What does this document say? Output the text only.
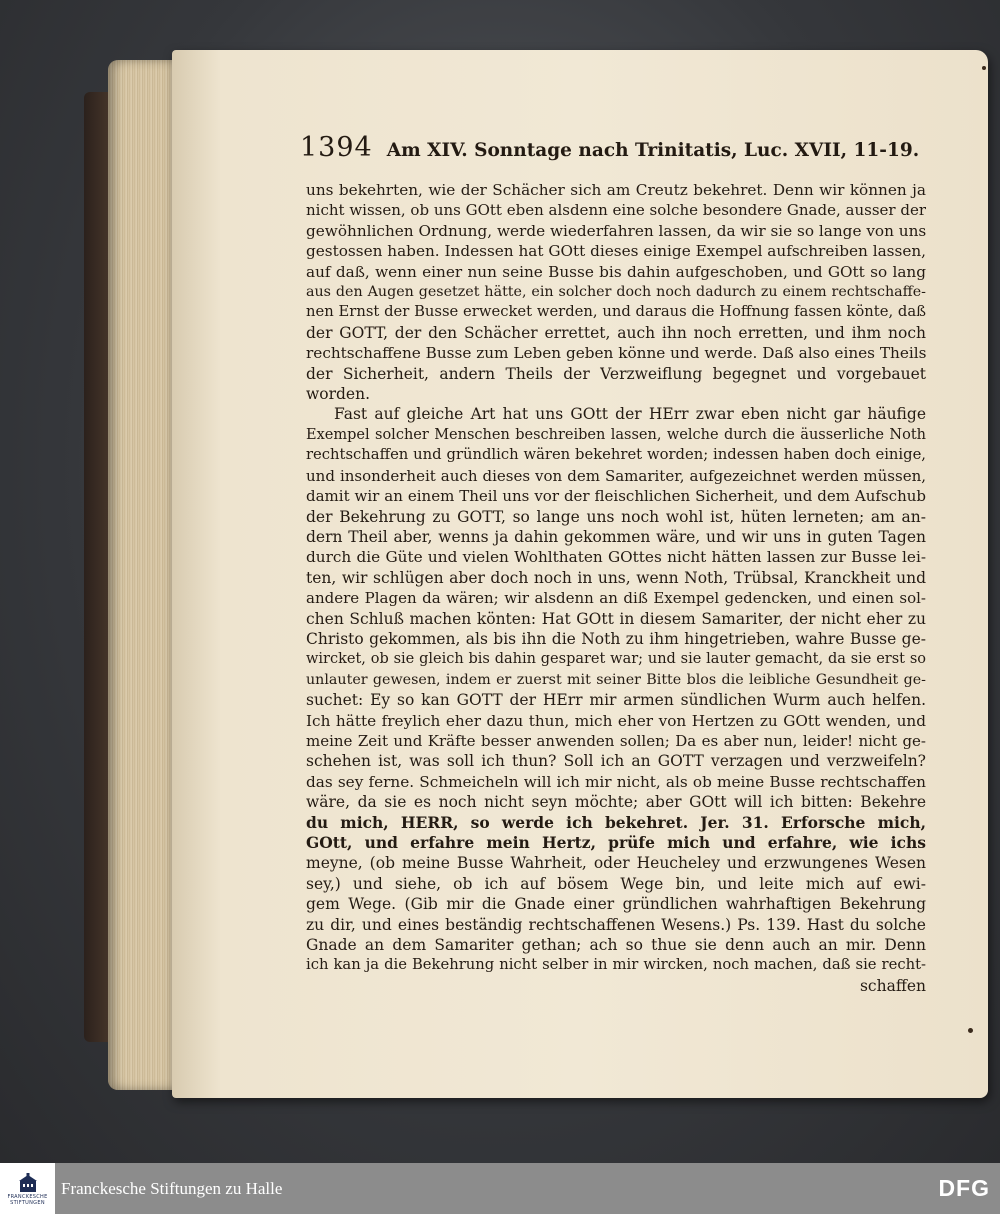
1394 Am XIV. Sonntage nach Trinitatis, Luc. XVII, 11-19.
uns bekehrten, wie der Schächer sich am Creutz bekehret. Denn wir können ja
nicht wissen, ob uns GOtt eben alsdenn eine solche besondere Gnade, ausser der
gewöhnlichen Ordnung, werde wiederfahren lassen, da wir sie so lange von uns
gestossen haben. Indessen hat GOtt dieses einige Exempel aufschreiben lassen,
auf daß, wenn einer nun seine Busse bis dahin aufgeschoben, und GOtt so lang
aus den Augen gesetzet hätte, ein solcher doch noch dadurch zu einem rechtschaffe-
nen Ernst der Busse erwecket werden, und daraus die Hoffnung fassen könte, daß
der GOTT, der den Schächer errettet, auch ihn noch erretten, und ihm noch
rechtschaffene Busse zum Leben geben könne und werde. Daß also eines Theils
der Sicherheit, andern Theils der Verzweiflung begegnet und vorgebauet
worden.
Fast auf gleiche Art hat uns GOtt der HErr zwar eben nicht gar häufige
Exempel solcher Menschen beschreiben lassen, welche durch die äusserliche Noth
rechtschaffen und gründlich wären bekehret worden; indessen haben doch einige,
und insonderheit auch dieses von dem Samariter, aufgezeichnet werden müssen,
damit wir an einem Theil uns vor der fleischlichen Sicherheit, und dem Aufschub
der Bekehrung zu GOTT, so lange uns noch wohl ist, hüten lerneten; am an-
dern Theil aber, wenns ja dahin gekommen wäre, und wir uns in guten Tagen
durch die Güte und vielen Wohlthaten GOttes nicht hätten lassen zur Busse lei-
ten, wir schlügen aber doch noch in uns, wenn Noth, Trübsal, Kranckheit und
andere Plagen da wären; wir alsdenn an diß Exempel gedencken, und einen sol-
chen Schluß machen könten: Hat GOtt in diesem Samariter, der nicht eher zu
Christo gekommen, als bis ihn die Noth zu ihm hingetrieben, wahre Busse ge-
wircket, ob sie gleich bis dahin gesparet war; und sie lauter gemacht, da sie erst so
unlauter gewesen, indem er zuerst mit seiner Bitte blos die leibliche Gesundheit ge-
suchet: Ey so kan GOTT der HErr mir armen sündlichen Wurm auch helfen.
Ich hätte freylich eher dazu thun, mich eher von Hertzen zu GOtt wenden, und
meine Zeit und Kräfte besser anwenden sollen; Da es aber nun, leider! nicht ge-
schehen ist, was soll ich thun? Soll ich an GOTT verzagen und verzweifeln?
das sey ferne. Schmeicheln will ich mir nicht, als ob meine Busse rechtschaffen
wäre, da sie es noch nicht seyn möchte; aber GOtt will ich bitten: Bekehre
du mich, HERR, so werde ich bekehret. Jer. 31. Erforsche mich,
GOtt, und erfahre mein Hertz, prüfe mich und erfahre, wie ichs
meyne, (ob meine Busse Wahrheit, oder Heucheley und erzwungenes Wesen
sey,) und siehe, ob ich auf bösem Wege bin, und leite mich auf ewi-
gem Wege. (Gib mir die Gnade einer gründlichen wahrhaftigen Bekehrung
zu dir, und eines beständig rechtschaffenen Wesens.) Ps. 139. Hast du solche
Gnade an dem Samariter gethan; ach so thue sie denn auch an mir. Denn
ich kan ja die Bekehrung nicht selber in mir wircken, noch machen, daß sie recht-
schaffen
FRANCKESCHE STIFTUNGEN
Franckesche Stiftungen zu Halle	DFG
